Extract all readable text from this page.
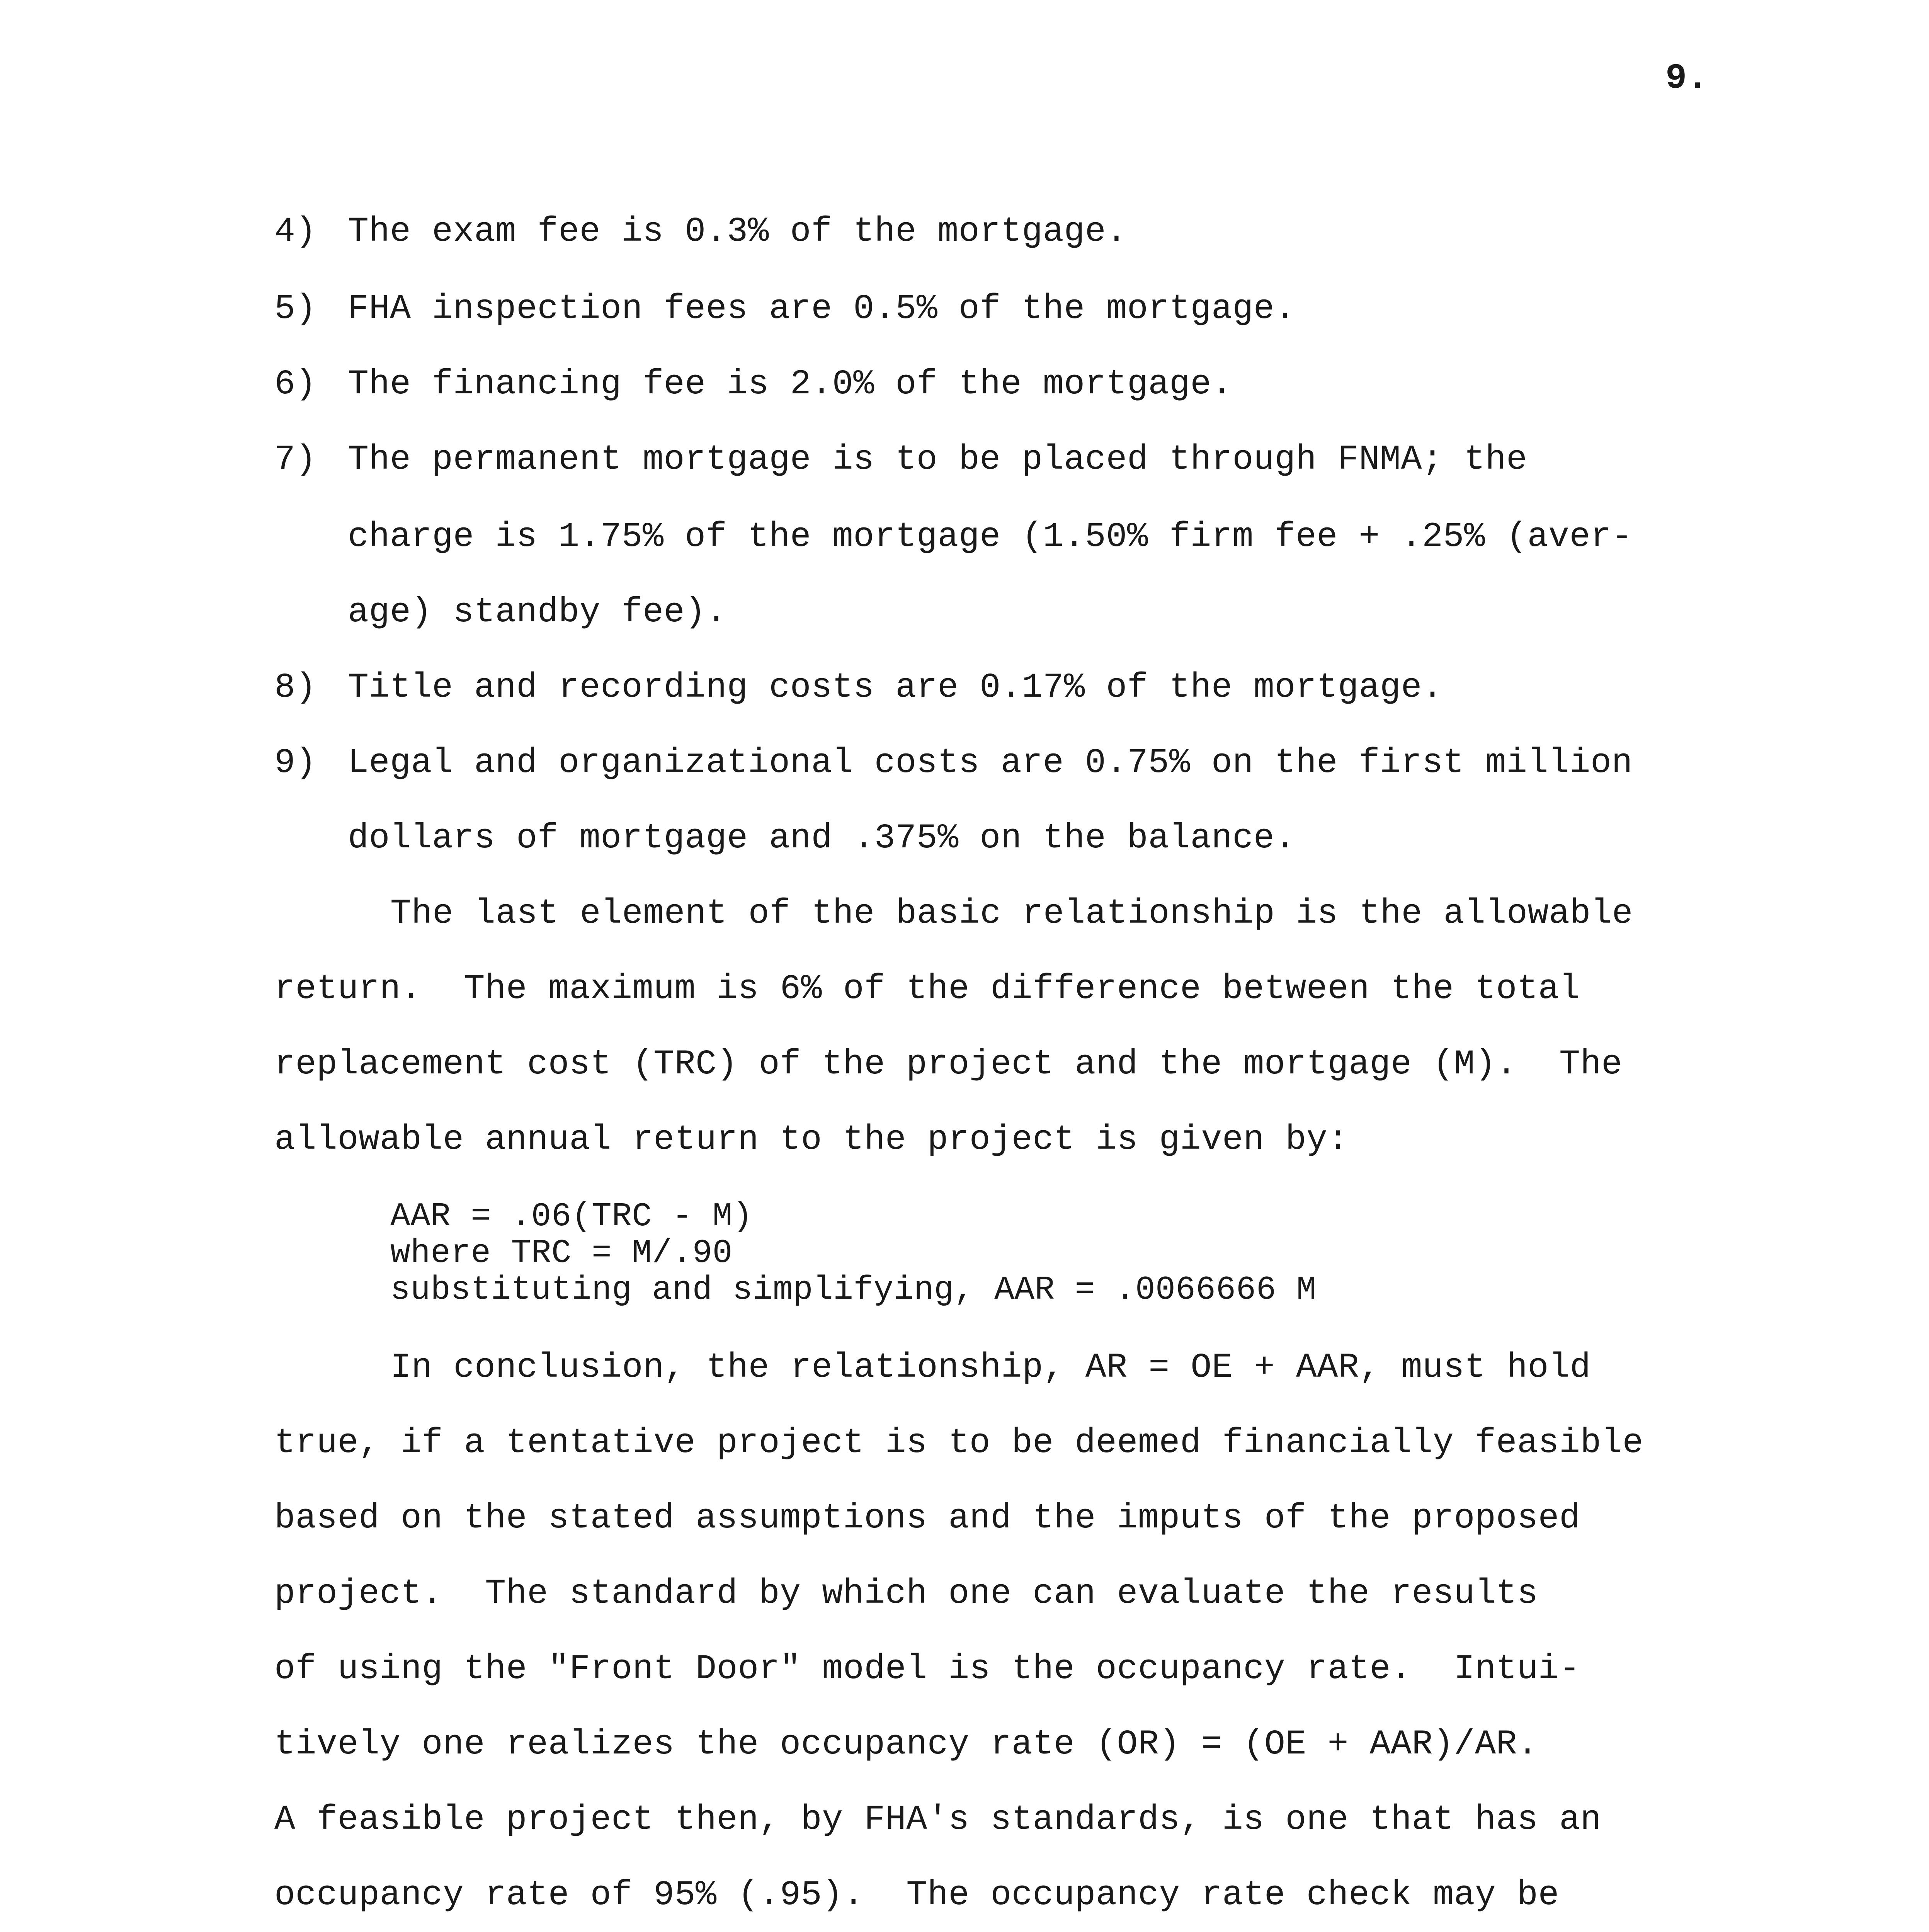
9.
4) The exam fee is 0.3% of the mortgage.
5) FHA inspection fees are 0.5% of the mortgage.
6) The financing fee is 2.0% of the mortgage.
7) The permanent mortgage is to be placed through FNMA; the
charge is 1.75% of the mortgage (1.50% firm fee + .25% (aver-
age) standby fee).
8) Title and recording costs are 0.17% of the mortgage.
9) Legal and organizational costs are 0.75% on the first million
dollars of mortgage and .375% on the balance.
The last element of the basic relationship is the allowable
return.  The maximum is 6% of the difference between the total
replacement cost (TRC) of the project and the mortgage (M).  The
allowable annual return to the project is given by:
AAR = .06(TRC - M)
where TRC = M/.90
substituting and simplifying, AAR = .0066666 M
In conclusion, the relationship, AR = OE + AAR, must hold
true, if a tentative project is to be deemed financially feasible
based on the stated assumptions and the imputs of the proposed
project.  The standard by which one can evaluate the results
of using the "Front Door" model is the occupancy rate.  Intui-
tively one realizes the occupancy rate (OR) = (OE + AAR)/AR.
A feasible project then, by FHA's standards, is one that has an
occupancy rate of 95% (.95).  The occupancy rate check may be
